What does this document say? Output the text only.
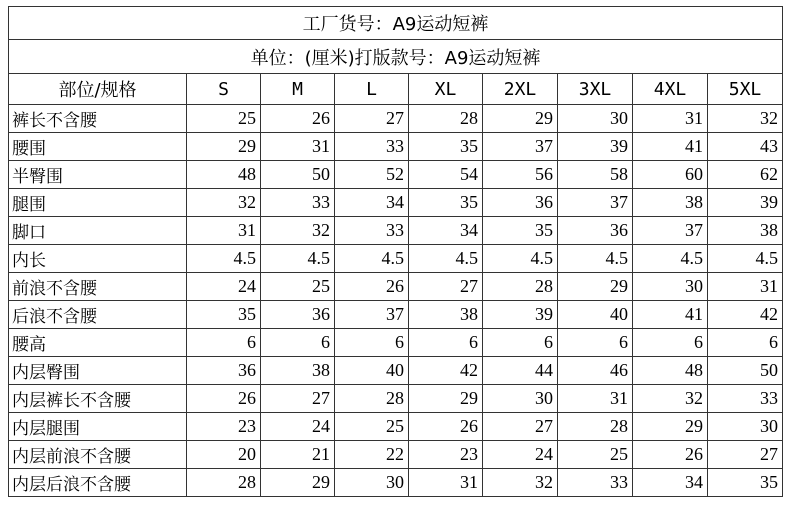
工厂货号：A9运动短裤								
单位：(厘米)打版款号：A9运动短裤								
部位/规格	S	M	L	XL	2XL	3XL	4XL	5XL
裤长不含腰	25	26	27	28	29	30	31	32
腰围	29	31	33	35	37	39	41	43
半臀围	48	50	52	54	56	58	60	62
腿围	32	33	34	35	36	37	38	39
脚口	31	32	33	34	35	36	37	38
内长	4.5	4.5	4.5	4.5	4.5	4.5	4.5	4.5
前浪不含腰	24	25	26	27	28	29	30	31
后浪不含腰	35	36	37	38	39	40	41	42
腰高	6	6	6	6	6	6	6	6
内层臀围	36	38	40	42	44	46	48	50
内层裤长不含腰	26	27	28	29	30	31	32	33
内层腿围	23	24	25	26	27	28	29	30
内层前浪不含腰	20	21	22	23	24	25	26	27
内层后浪不含腰	28	29	30	31	32	33	34	35
